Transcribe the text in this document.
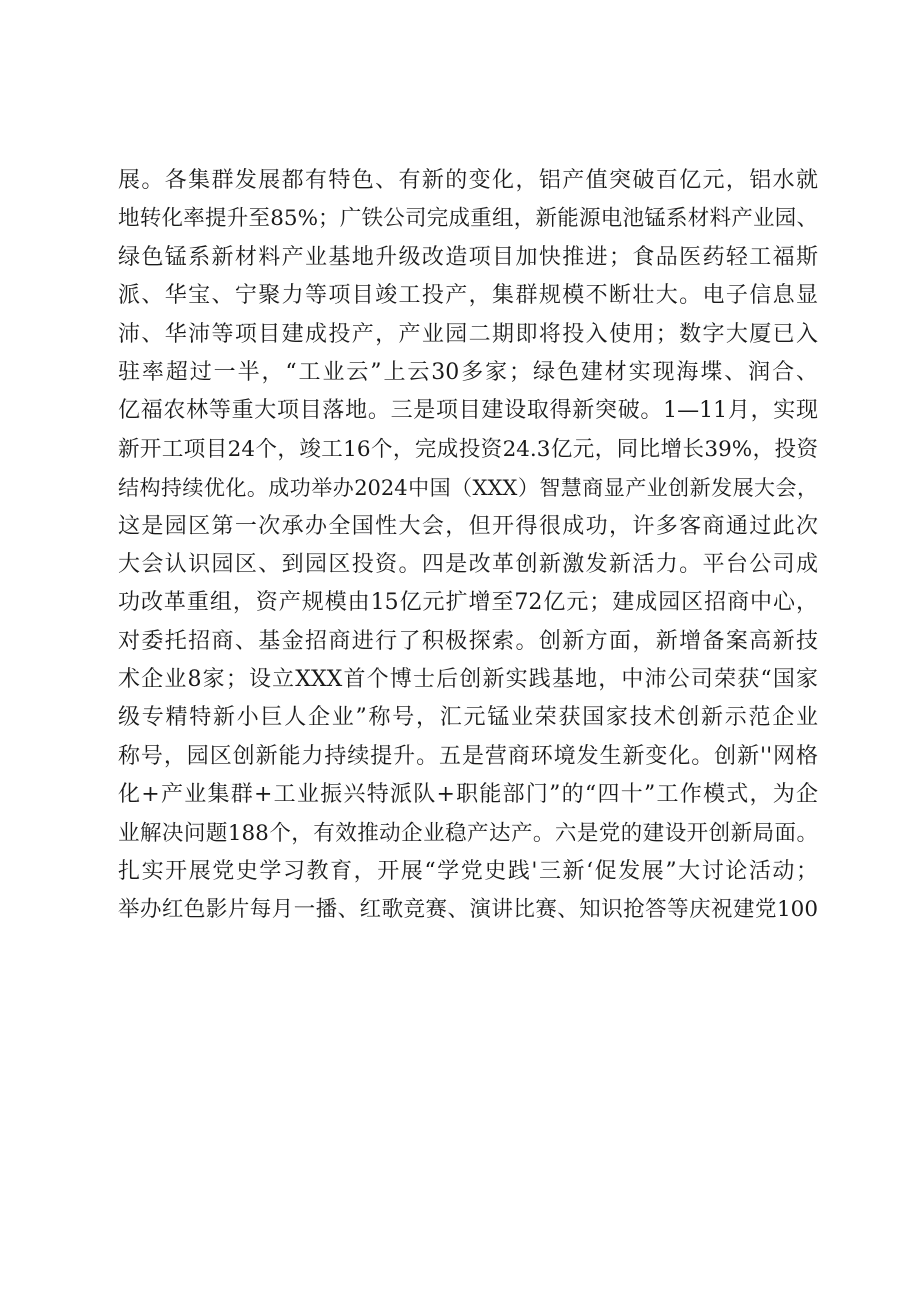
展。各集群发展都有特色、有新的变化，铝产值突破百亿元，铝水就
地转化率提升至85%；广铁公司完成重组，新能源电池锰系材料产业园、
绿色锰系新材料产业基地升级改造项目加快推进；食品医药轻工福斯
派、华宝、宁聚力等项目竣工投产，集群规模不断壮大。电子信息显
沛、华沛等项目建成投产，产业园二期即将投入使用；数字大厦已入
驻率超过一半，“工业云”上云30多家；绿色建材实现海堞、润合、
亿福农林等重大项目落地。三是项目建设取得新突破。1—11月，实现
新开工项目24个，竣工16个，完成投资24.3亿元，同比增长39%，投资
结构持续优化。成功举办2024中国（XXX）智慧商显产业创新发展大会，
这是园区第一次承办全国性大会，但开得很成功，许多客商通过此次
大会认识园区、到园区投资。四是改革创新激发新活力。平台公司成
功改革重组，资产规模由15亿元扩增至72亿元；建成园区招商中心，
对委托招商、基金招商进行了积极探索。创新方面，新增备案高新技
术企业8家；设立XXX首个博士后创新实践基地，中沛公司荣获“国家
级专精特新小巨人企业”称号，汇元锰业荣获国家技术创新示范企业
称号，园区创新能力持续提升。五是营商环境发生新变化。创新''网格
化+产业集群+工业振兴特派队+职能部门”的“四十”工作模式，为企
业解决问题188个，有效推动企业稳产达产。六是党的建设开创新局面。
扎实开展党史学习教育，开展“学党史践'三新‘促发展”大讨论活动；
举办红色影片每月一播、红歌竞赛、演讲比赛、知识抢答等庆祝建党100
